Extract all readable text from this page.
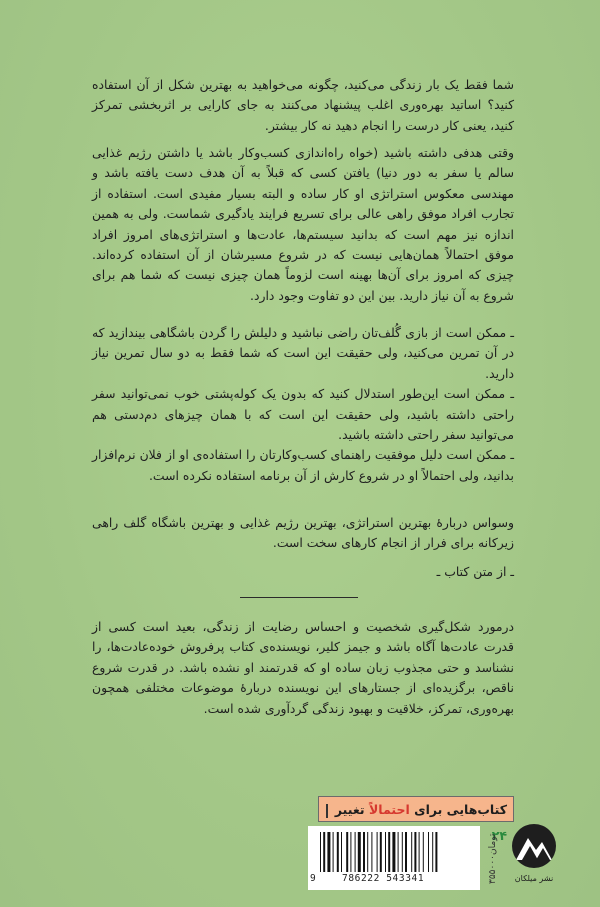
شما فقط یک بار زندگی می‌کنید، چگونه می‌خواهید به بهترین شکل از آن استفاده کنید؟ اساتید بهره‌وری اغلب پیشنهاد می‌کنند به جای کارایی بر اثربخشی تمرکز کنید، یعنی کار درست را انجام دهید نه کار بیشتر.

وقتی هدفی داشته باشید (خواه راه‌اندازی کسب‌وکار باشد یا داشتن رژیم غذایی سالم یا سفر به دور دنیا) یافتن کسی که قبلاً به آن هدف دست یافته باشد و مهندسی معکوس استراتژی او کار ساده و البته بسیار مفیدی است. استفاده از تجارب افراد موفق راهی عالی برای تسریع فرایند یادگیری شماست. ولی به همین اندازه نیز مهم است که بدانید سیستم‌ها، عادت‌ها و استراتژی‌های امروز افراد موفق احتمالاً همان‌هایی نیست که در شروع مسیرشان از آن استفاده کرده‌اند. چیزی که امروز برای آن‌ها بهینه است لزوماً همان چیزی نیست که شما هم برای شروع به آن نیاز دارید. بین این دو تفاوت وجود دارد.

ـ ممکن است از بازی گُلف‌تان راضی نباشید و دلیلش را گردن باشگاهی بیندازید که در آن تمرین می‌کنید، ولی حقیقت این است که شما فقط به دو سال تمرین نیاز دارید.

ـ ممکن است این‌طور استدلال کنید که بدون یک کوله‌پشتی خوب نمی‌توانید سفر راحتی داشته باشید، ولی حقیقت این است که با همان چیزهای دم‌دستی هم می‌توانید سفر راحتی داشته باشید.

ـ ممکن است دلیل موفقیت راهنمای کسب‌وکارتان را استفاده‌ی او از فلان نرم‌افزار بدانید، ولی احتمالاً او در شروع کارش از آن برنامه استفاده نکرده است.

وسواس دربارهٔ بهترین استراتژی، بهترین رژیم غذایی و بهترین باشگاه گلف راهی زیرکانه برای فرار از انجام کارهای سخت است.

ـ از متن کتاب ـ

درمورد شکل‌گیری شخصیت و احساس رضایت از زندگی، بعید است کسی از قدرت عادت‌ها آگاه باشد و جیمز کلیر، نویسنده‌ی کتاب پرفروش خوده‌عادت‌ها، را نشناسد و حتی مجذوب زبان ساده او که قدرتمند او نشده باشد. در قدرت شروع ناقص، برگزیده‌ای از جستارهای این نویسنده دربارهٔ موضوعات مختلفی همچون بهره‌وری، تمرکز، خلاقیت و بهبود زندگی گردآوری شده است.

کتاب‌هایی برای احتمالاً تغییر  ۲۴
9	786222 543341	۳۵۵۰۰۰تومان
نشر میلکان
